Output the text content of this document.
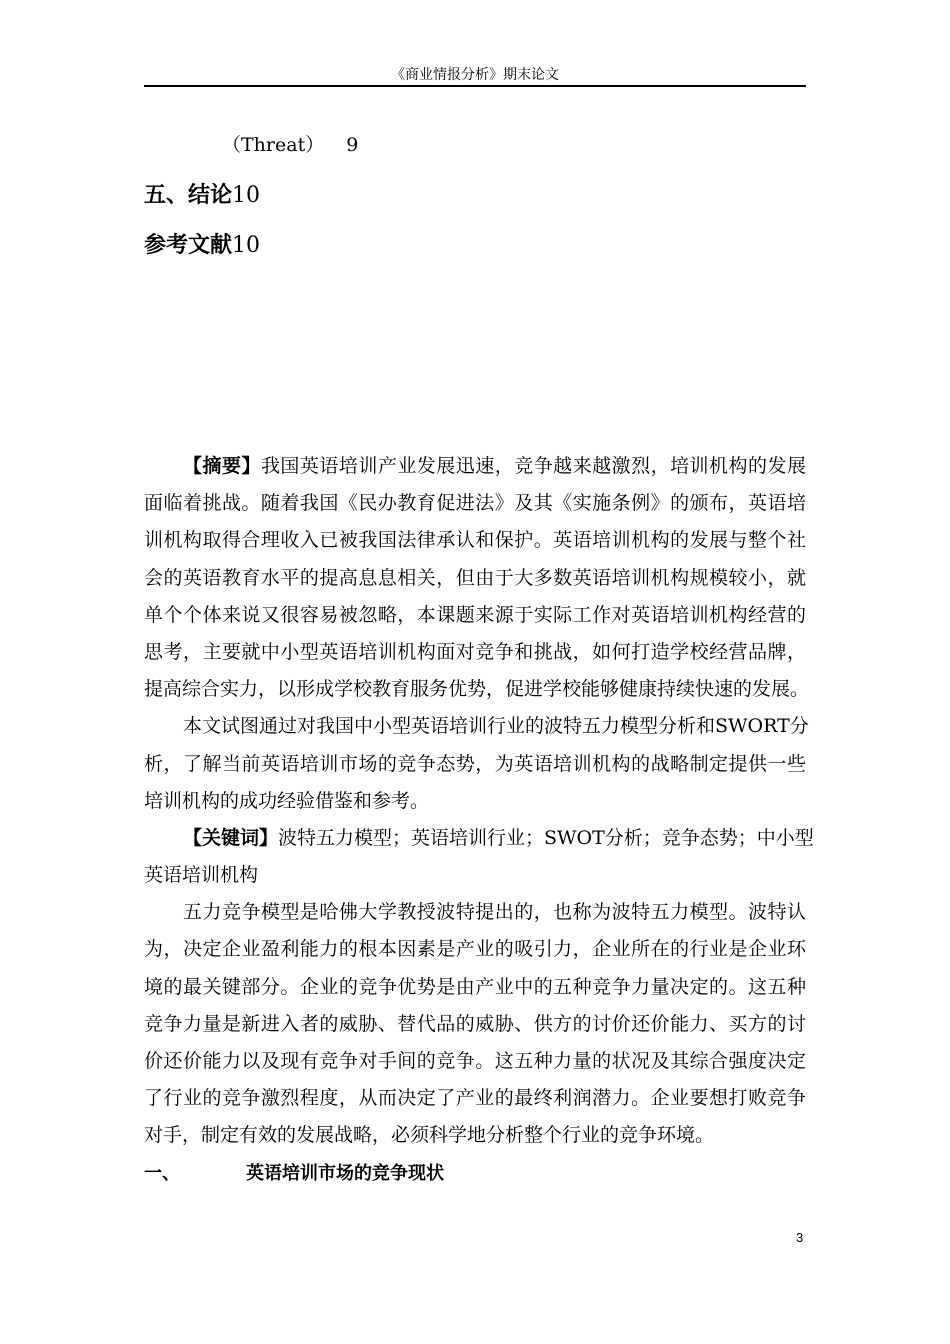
《商业情报分析》期末论文
（Threat） 9
五、结论10
参考文献10
【摘要】我国英语培训产业发展迅速，竞争越来越激烈，培训机构的发展
面临着挑战。随着我国《民办教育促进法》及其《实施条例》的颁布，英语培
训机构取得合理收入已被我国法律承认和保护。英语培训机构的发展与整个社
会的英语教育水平的提高息息相关，但由于大多数英语培训机构规模较小，就
单个个体来说又很容易被忽略，本课题来源于实际工作对英语培训机构经营的
思考，主要就中小型英语培训机构面对竞争和挑战，如何打造学校经营品牌，
提高综合实力，以形成学校教育服务优势，促进学校能够健康持续快速的发展。
本文试图通过对我国中小型英语培训行业的波特五力模型分析和SWORT分
析，了解当前英语培训市场的竞争态势，为英语培训机构的战略制定提供一些
培训机构的成功经验借鉴和参考。
【关键词】波特五力模型；英语培训行业；SWOT分析；竞争态势；中小型
英语培训机构
五力竞争模型是哈佛大学教授波特提出的，也称为波特五力模型。波特认
为，决定企业盈利能力的根本因素是产业的吸引力，企业所在的行业是企业环
境的最关键部分。企业的竞争优势是由产业中的五种竞争力量决定的。这五种
竞争力量是新进入者的威胁、替代品的威胁、供方的讨价还价能力、买方的讨
价还价能力以及现有竞争对手间的竞争。这五种力量的状况及其综合强度决定
了行业的竞争激烈程度，从而决定了产业的最终利润潜力。企业要想打败竞争
对手，制定有效的发展战略，必须科学地分析整个行业的竞争环境。
一、	英语培训市场的竞争现状
3
